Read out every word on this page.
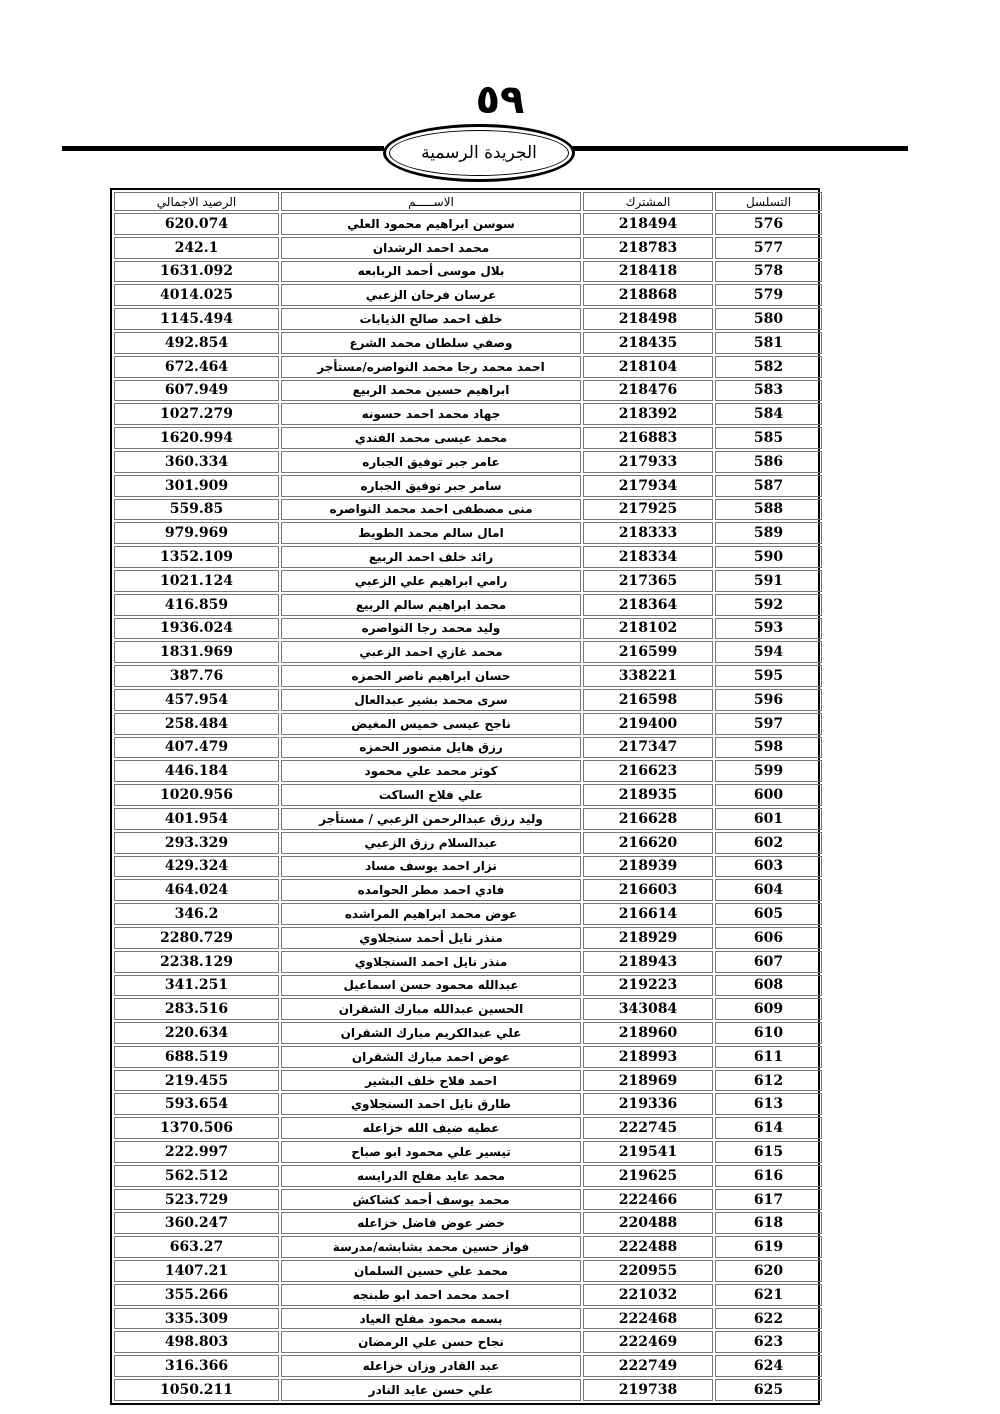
٥٩
الجريدة الرسمية
الرصيد الاجمالي	الاســـــم	المشترك	التسلسل
620.074	سوسن ابراهيم محمود العلي	218494	576
242.1	محمد احمد الرشدان	218783	577
1631.092	بلال موسى أحمد الربابعه	218418	578
4014.025	عرسان فرحان الزعبي	218868	579
1145.494	خلف احمد صالح الذيابات	218498	580
492.854	وصفي سلطان محمد الشرع	218435	581
672.464	احمد محمد رجا محمد النواصره/مستأجر	218104	582
607.949	ابراهيم حسين محمد الربيع	218476	583
1027.279	جهاد محمد احمد حسونه	218392	584
1620.994	محمد عيسى محمد الفندي	216883	585
360.334	عامر جبر توفيق الجباره	217933	586
301.909	سامر جبر توفيق الجباره	217934	587
559.85	منى مصطفى احمد محمد النواصره	217925	588
979.969	امال سالم محمد الطويط	218333	589
1352.109	رائد خلف احمد الربيع	218334	590
1021.124	رامي ابراهيم علي الزعبي	217365	591
416.859	محمد ابراهيم سالم الربيع	218364	592
1936.024	وليد محمد رجا النواصره	218102	593
1831.969	محمد غازي احمد الزعبي	216599	594
387.76	حسان ابراهيم ناصر الحمزه	338221	595
457.954	سرى محمد بشير عبدالعال	216598	596
258.484	ناجح عيسى خميس المغيض	219400	597
407.479	رزق هايل منصور الحمزه	217347	598
446.184	كوثر محمد علي محمود	216623	599
1020.956	علي فلاح الساكت	218935	600
401.954	وليد رزق عبدالرحمن الزعبي / مستأجر	216628	601
293.329	عبدالسلام رزق الزعبي	216620	602
429.324	نزار احمد يوسف مساد	218939	603
464.024	فادي احمد مطر الحوامده	216603	604
346.2	عوض محمد ابراهيم المراشده	216614	605
2280.729	منذر نايل أحمد سنجلاوي	218929	606
2238.129	منذر نايل احمد السنجلاوي	218943	607
341.251	عبدالله محمود حسن اسماعيل	219223	608
283.516	الحسين عبدالله مبارك الشقران	343084	609
220.634	علي عبدالكريم مبارك الشقران	218960	610
688.519	عوض احمد مبارك الشقران	218993	611
219.455	احمد فلاح خلف البشير	218969	612
593.654	طارق نايل احمد السنجلاوي	219336	613
1370.506	عطيه ضيف الله خزاعله	222745	614
222.997	تيسير علي محمود ابو صباح	219541	615
562.512	محمد عايد مفلح الدرايسه	219625	616
523.729	محمد يوسف أحمد كشاكش	222466	617
360.247	خضر عوض فاضل خزاعله	220488	618
663.27	فواز حسين محمد بشابشه/مدرسة	222488	619
1407.21	محمد علي حسين السلمان	220955	620
355.266	احمد محمد احمد ابو طبنجه	221032	621
335.309	بسمه محمود مفلح العياد	222468	622
498.803	نجاح حسن علي الرمضان	222469	623
316.366	عبد القادر وزان خزاعله	222749	624
1050.211	علي حسن عايد النادر	219738	625
